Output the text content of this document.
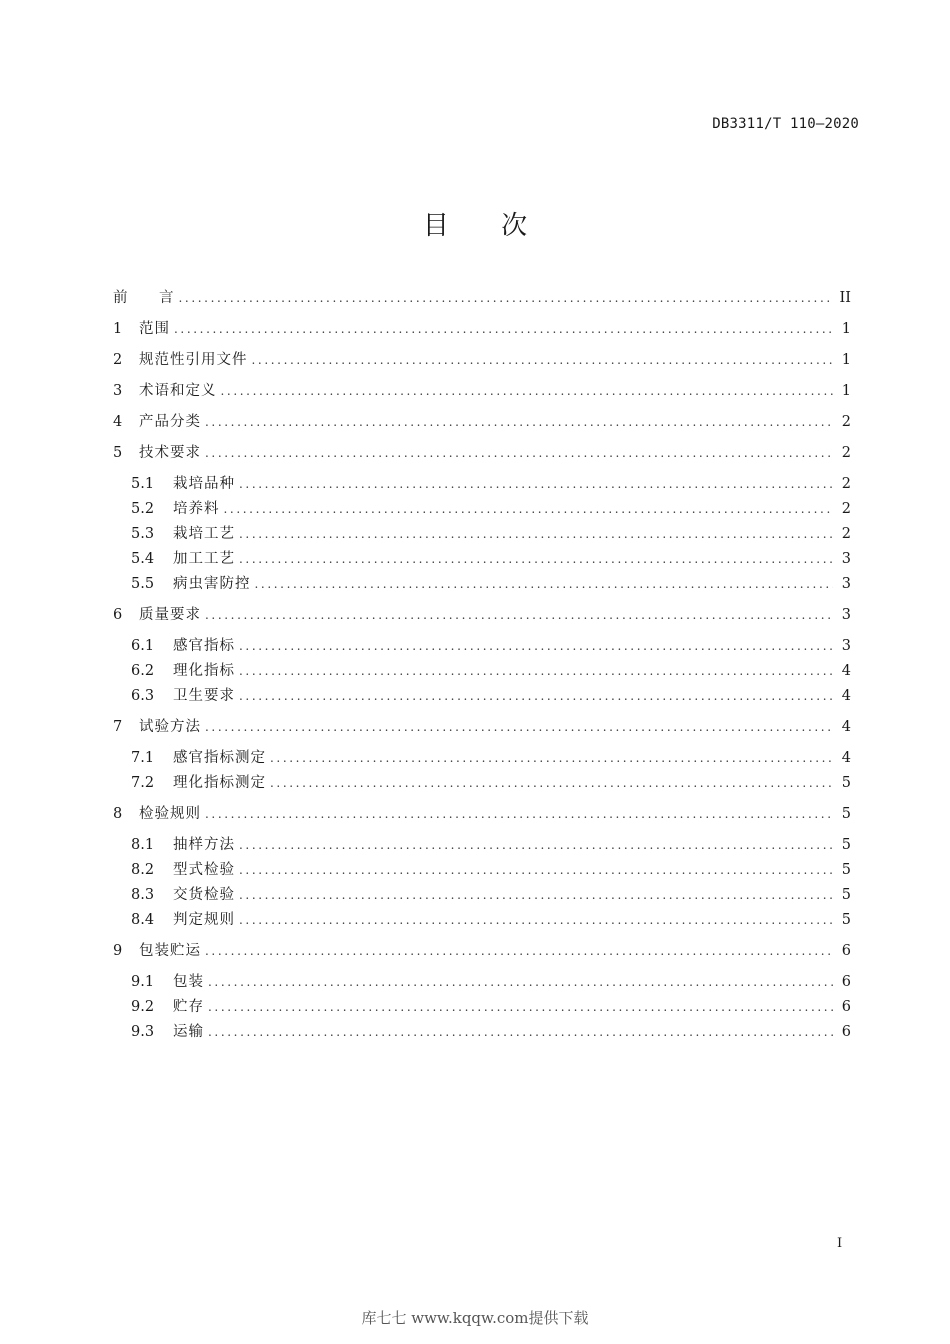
DB3311/T 110—2020
目 次
前	言 .....	II
1	范围 .....	1
2	规范性引用文件 .....	1
3	术语和定义 .....	1
4	产品分类 .....	2
5	技术要求 .....	2
5.1	栽培品种 .....	2
5.2	培养料 .....	2
5.3	栽培工艺 .....	2
5.4	加工工艺 .....	3
5.5	病虫害防控 .....	3
6	质量要求 .....	3
6.1	感官指标 .....	3
6.2	理化指标 .....	4
6.3	卫生要求 .....	4
7	试验方法 .....	4
7.1	感官指标测定 .....	4
7.2	理化指标测定 .....	5
8	检验规则 .....	5
8.1	抽样方法 .....	5
8.2	型式检验 .....	5
8.3	交货检验 .....	5
8.4	判定规则 .....	5
9	包装贮运 .....	6
9.1	包装 .....	6
9.2	贮存 .....	6
9.3	运输 .....	6
I
库七七 www.kqqw.com提供下载
